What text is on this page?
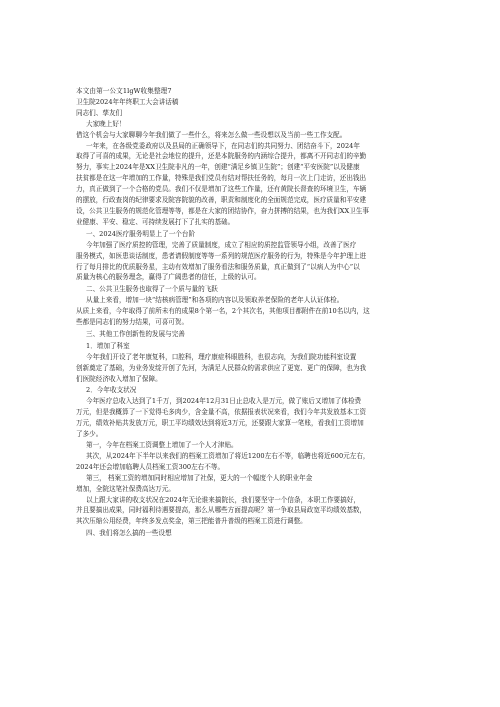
本文由第一公文1lgW收集整理7
卫生院2024年年终职工大会讲话稿
同志们、孳友们
大家晚上好！
借这个机会与大家聊聊今年我们做了一些什么，将来怎么做一些设想以及当前一些工作支配。
一年来，在各级党委政府以及县局的正确领导下，在同志们的共同努力、团结奋斗下，2024年
取得了可喜的成果，无论是社会地位的提升，还是本院服务的内涵综合提升，都离不开同志们的辛勤
努力，事实上2024年是XX卫生院非凡的一年，创建“满足乡镇卫生院”；创建“平安医院”以及健康
扶贫都是在这一年增加的工作量，特殊是我们党员有结对帮扶任务的，每月一次上门走访，还出钱出
力，真正做到了一个合格的党员。我们不仅是增加了这些工作量，还有黄院长督查的环境卫生，车辆
的摆放，行政查岗的纪律要求及院容院貌的改善，职责和制度化的全面规范完成，医疗质量和平安建
设，公共卫生服务的规范化管理等等，都是在大家的团结协作，奋力拼搏的结果，也为我们XX卫生事
业健康、平安、稳定、可持续发展打下了扎实的基础。
一、2024医疗服务明显上了一个台阶
今年加强了医疗质控的管理，完善了质量制度，成立了相应的质控监管领导小组，改善了医疗
服务模式，如医患谈话制度，患者请假制度等等一系列的规范医疗服务的行为，特殊是今年护理上进
行了每月排比的优质服务星，主动有效增加了服务看法和服务质量，真正做到了“以病人为中心”以
质量为核心的服务理念，赢得了广阔患者的信任，上级的认可。
二、公共卫生服务也取得了一个质与量的飞跃
从量上来看，增加一块“结核病管理”和各项的内容以及领取养老保险的老年人认证体检。
从质上来看，今年取得了前所未有的成果8个第一名，2个其次名，其他项目都附件在前10名以内，这
些都是同志们的努力结果，可喜可贺。
三、其他工作创新性的发展与完善
1．增加了科室
今年我们开设了老年康复科，口腔科，理疗康症科眼胜科，也很志向，为我们院功能科室设置
创新奠定了基础，为业务发绽开创了先河，为满足人民群众的需求供应了更宽、更广的保障，也为我
们医院经济收入增加了保障。
2．今年收支状况
今年医疗总收入达到了1千万，到2024年12月31日止总收入是万元，做了账后又增加了体检费
万元，但是我概算了一下觉得毛多肉少，含金量不高，依据报表状况来看，我们今年共发放基本工资
万元，绩效补贴共发放万元，职工平均绩效达到将近3万元，还要跟大家算一笔账，看我们工资增加
了多少。
第一，今年在档案工资调整上增加了一个人才津贴。
其次，从2024年下半年以来我们的档案工资增加了将近1200左右不等，临聘也将近600元左右，
2024年还会增加临聘人员档案工资300左右不等。
第三， 档案工资的增加同时相应增加了社保，更大的一个幅度个人的职业年金
增加，全院这笔社保费高达万元。
以上跟大家讲的收支状况在2024年无论谁来搞院长，我们要坚守一个信条，本职工作要搞好，
并且要搞出成果，同时福利待遇要提高，那么从哪些方面提高呢？第一争取县局政宽平均绩效基数，
其次压缩公用经费，年终多发点奖金，第三把能普升普级的档案工资进行调整。
四、我们将怎么搞的一些设想
